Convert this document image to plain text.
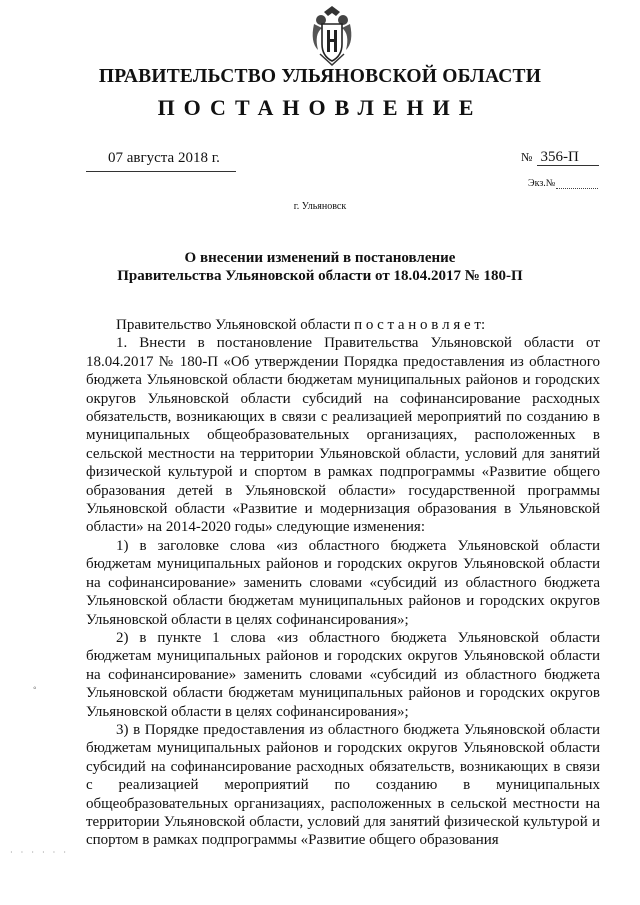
ПРАВИТЕЛЬСТВО УЛЬЯНОВСКОЙ ОБЛАСТИ
ПОСТАНОВЛЕНИЕ
07 августа 2018 г.	№ 356-П
Экз.№
г. Ульяновск
О внесении изменений в постановление
Правительства Ульяновской области от 18.04.2017 № 180-П

Правительство Ульяновской области п о с т а н о в л я е т:

1. Внести в постановление Правительства Ульяновской области от 18.04.2017 № 180-П «Об утверждении Порядка предоставления из областного бюджета Ульяновской области бюджетам муниципальных районов и городских округов Ульяновской области субсидий на софинансирование расходных обязательств, возникающих в связи с реализацией мероприятий по созданию в муниципальных общеобразовательных организациях, расположенных в сельской местности на территории Ульяновской области, условий для занятий физической культурой и спортом в рамках подпрограммы «Развитие общего образования детей в Ульяновской области» государственной программы Ульяновской области «Развитие и модернизация образования в Ульяновской области» на 2014-2020 годы» следующие изменения:

1) в заголовке слова «из областного бюджета Ульяновской области бюджетам муниципальных районов и городских округов Ульяновской области на софинансирование» заменить словами «субсидий из областного бюджета Ульяновской области бюджетам муниципальных районов и городских округов Ульяновской области в целях софинансирования»;

2) в пункте 1 слова «из областного бюджета Ульяновской области бюджетам муниципальных районов и городских округов Ульяновской области на софинансирование» заменить словами «субсидий из областного бюджета Ульяновской области бюджетам муниципальных районов и городских округов Ульяновской области в целях софинансирования»;

3) в Порядке предоставления из областного бюджета Ульяновской области бюджетам муниципальных районов и городских округов Ульяновской области субсидий на софинансирование расходных обязательств, возникающих в связи с реализацией мероприятий по созданию в муниципальных общеобразовательных организациях, расположенных в сельской местности на территории Ульяновской области, условий для занятий физической культурой и спортом в рамках подпрограммы «Развитие общего образования

◦
· · · · · ·
